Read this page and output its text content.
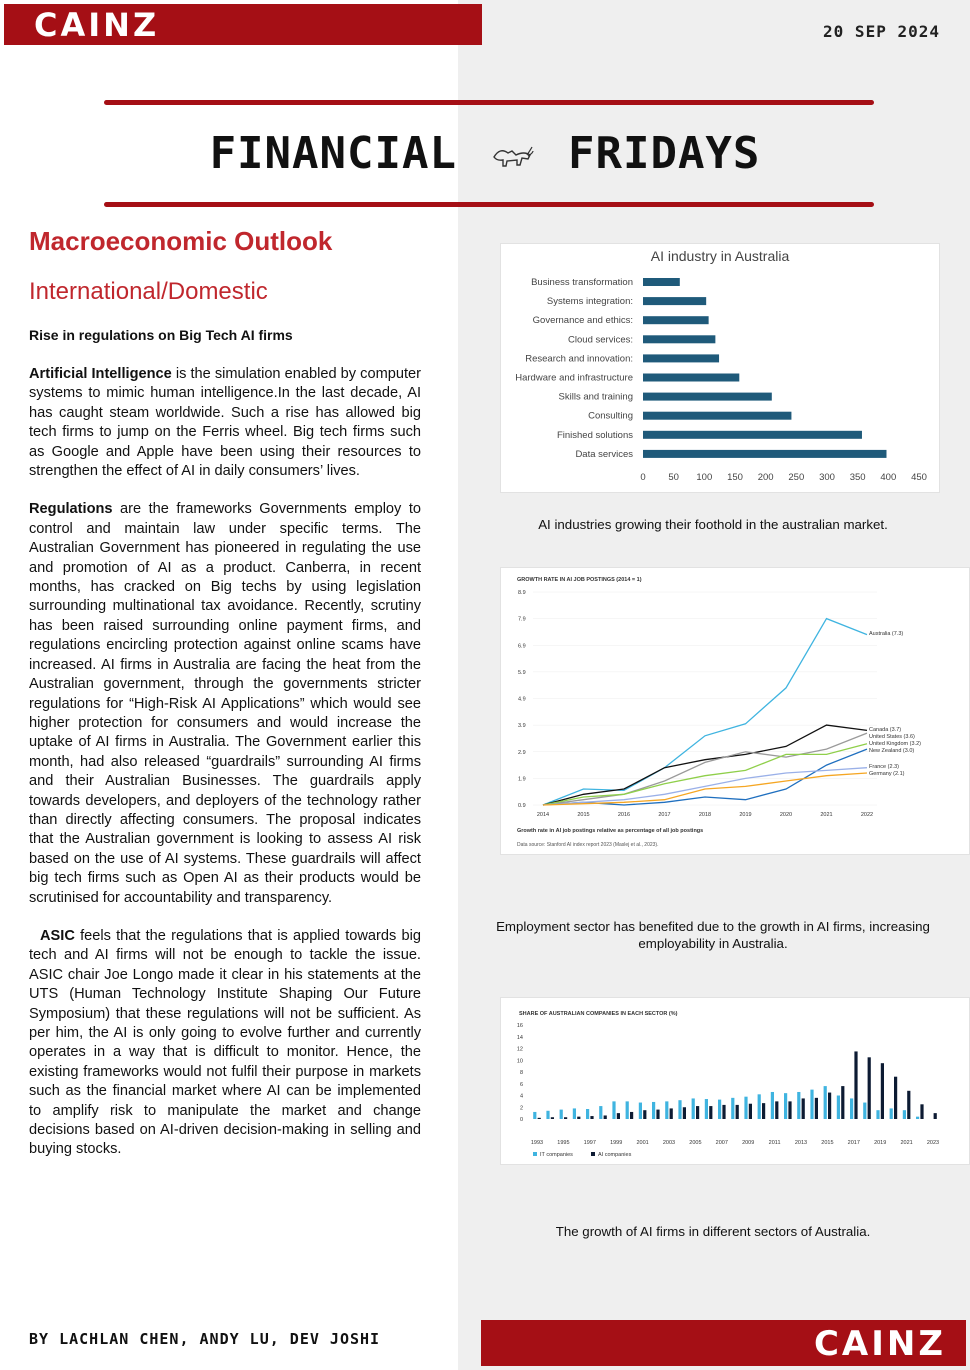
CAINZ	20 SEP 2024
FINANCIAL	FRIDAYS
Macroeconomic Outlook
International/Domestic
Rise in regulations on Big Tech AI firms

Artificial Intelligence is the simulation enabled by computer systems to mimic human intelligence.In the last decade, AI has caught steam worldwide. Such a rise has allowed big tech firms to jump on the Ferris wheel. Big tech firms such as Google and Apple have been using their resources to strengthen the effect of AI in daily consumers’ lives.

Regulations are the frameworks Governments employ to control and maintain law under specific terms. The Australian Government has pioneered in regulating the use and promotion of AI as a product. Canberra, in recent months, has cracked on Big techs by using legislation surrounding multinational tax avoidance. Recently, scrutiny has been raised surrounding online payment firms, and regulations encircling protection against online scams have increased. AI firms in Australia are facing the heat from the Australian government, through the governments stricter regulations for “High-Risk AI Applications” which would see higher protection for consumers and would increase the uptake of AI firms in Australia. The Government earlier this month, had also released “guardrails” surrounding AI firms and their Australian Businesses. The guardrails apply towards developers, and deployers of the technology rather than directly affecting consumers. The proposal indicates that the Australian government is looking to assess AI risk based on the use of AI systems. These guardrails will affect big tech firms such as Open AI as their products would be scrutinised for accountability and transparency.

ASIC feels that the regulations that is applied towards big tech and AI firms will not be enough to tackle the issue. ASIC chair Joe Longo made it clear in his statements at the UTS (Human Technology Institute Shaping Our Future Symposium) that these regulations will not be sufficient. As per him, the AI is only going to evolve further and currently operates in a way that is difficult to monitor. Hence, the existing frameworks would not fulfil their purpose in markets such as the financial market where AI can be implemented to amplify risk to manipulate the market and change decisions based on AI-driven decision-making in selling and buying stocks.

BY LACHLAN CHEN, ANDY LU, DEV JOSHI	CAINZ
AI industry in Australia
Business transformation
Systems integration:
Governance and ethics:
Cloud services:
Research and innovation:
Hardware and infrastructure
Skills and training
Consulting
Finished solutions
Data services
0 50 100 150 200 250 300 350 400 450
AI industries growing their foothold in the australian market.
GROWTH RATE IN AI JOB POSTINGS (2014 = 1)
0.9
1.9
2.9
3.9
4.9
5.9
6.9
7.9
8.9
2014	2015	2016	2017	2018	2019	2020	2021	2022
Australia (7.3)
Canada (3.7)
United States (3.6)
United Kingdom (3.2)
New Zealand (3.0)
France (2.3)
Germany (2.1)
Growth rate in AI job postings relative as percentage of all job postings
Data source: Stanford AI index report 2023 (Maslej et al., 2023).
Employment sector has benefited due to the growth in AI firms, increasing employability in Australia.
SHARE OF AUSTRALIAN COMPANIES IN EACH SECTOR (%)
0
2
4
6
8
10
12
14
16
1993	1995	1997	1999	2001	2003	2005	2007	2009	2011	2013	2015	2017	2019	2021	2023
IT companies	AI companies
The growth of AI firms in different sectors of Australia.
